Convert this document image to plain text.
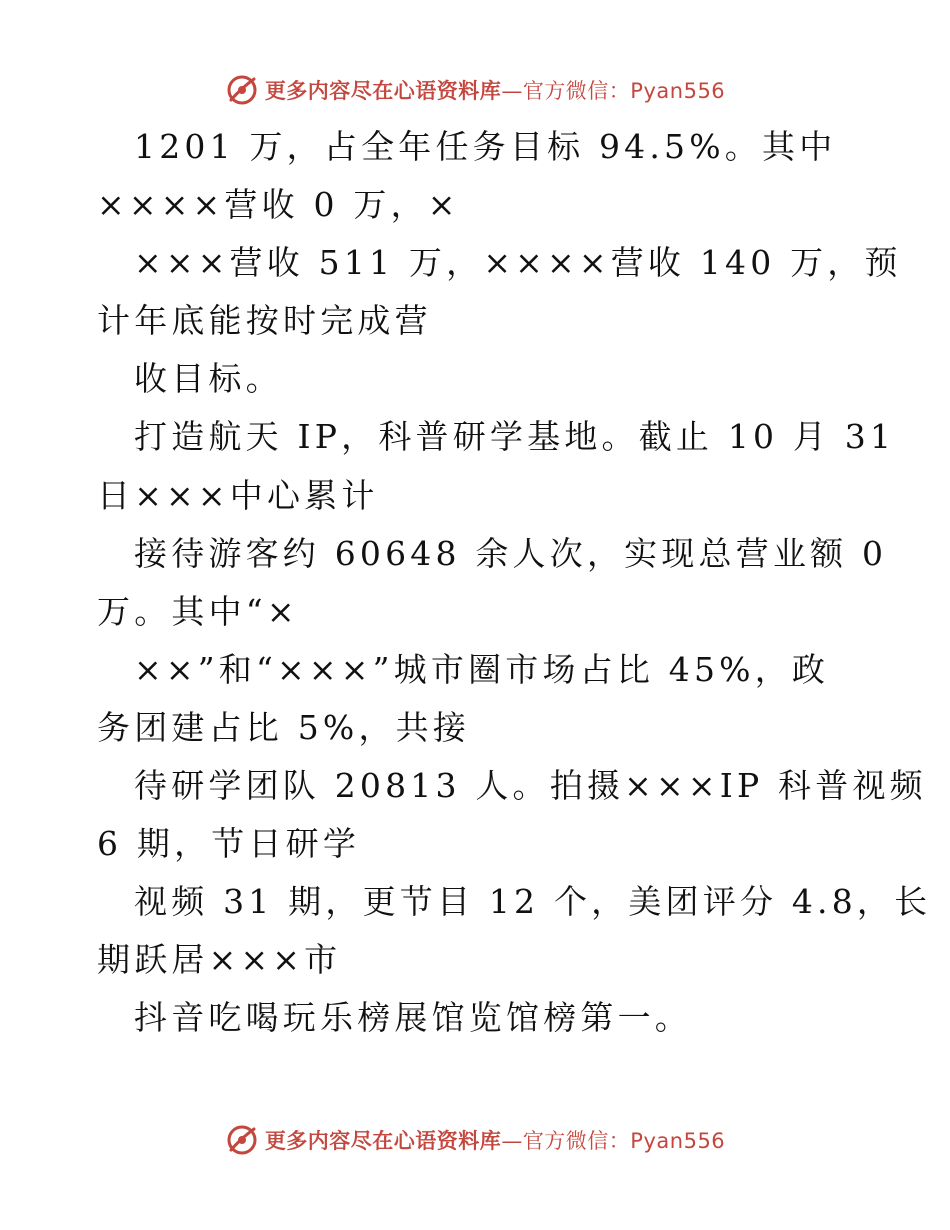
更多内容尽在心语资料库—官方微信：Pyan556
1201 万，占全年任务目标 94.5%。其中
××××营收 0 万，×
×××营收 511 万，××××营收 140 万，预
计年底能按时完成营
收目标。
打造航天 IP，科普研学基地。截止 10 月 31
日×××中心累计
接待游客约 60648 余人次，实现总营业额 0
万。其中“×
××”和“×××”城市圈市场占比 45%，政
务团建占比 5%，共接
待研学团队 20813 人。拍摄×××IP 科普视频
6 期，节日研学
视频 31 期，更节目 12 个，美团评分 4.8，长
期跃居×××市
抖音吃喝玩乐榜展馆览馆榜第一。
更多内容尽在心语资料库—官方微信：Pyan556
